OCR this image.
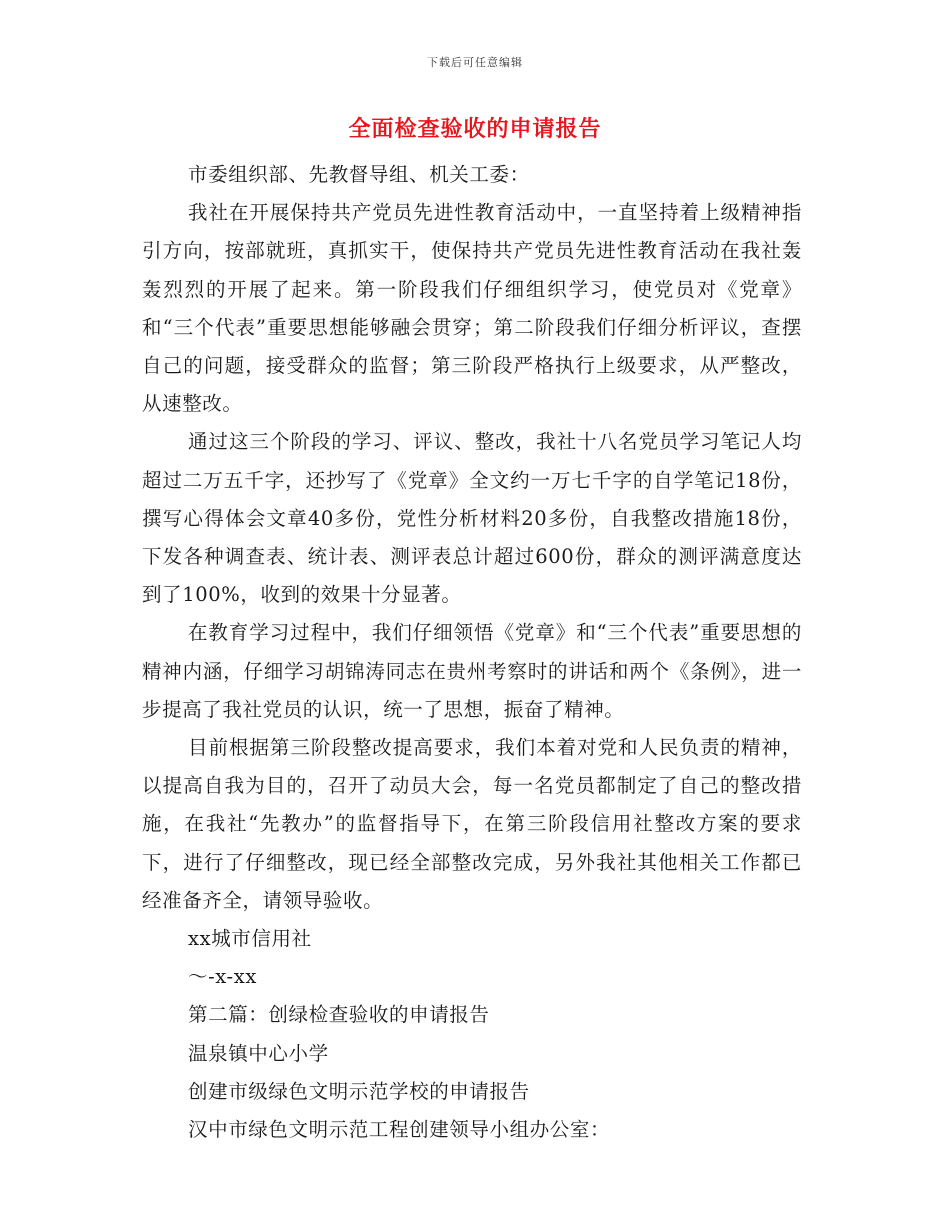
下载后可任意编辑
全面检查验收的申请报告

市委组织部、先教督导组、机关工委：

我社在开展保持共产党员先进性教育活动中，一直坚持着上级精神指引方向，按部就班，真抓实干，使保持共产党员先进性教育活动在我社轰轰烈烈的开展了起来。第一阶段我们仔细组织学习，使党员对《党章》和“三个代表”重要思想能够融会贯穿；第二阶段我们仔细分析评议，查摆自己的问题，接受群众的监督；第三阶段严格执行上级要求，从严整改，从速整改。

通过这三个阶段的学习、评议、整改，我社十八名党员学习笔记人均超过二万五千字，还抄写了《党章》全文约一万七千字的自学笔记18份，撰写心得体会文章40多份，党性分析材料20多份，自我整改措施18份，下发各种调查表、统计表、测评表总计超过600份，群众的测评满意度达到了100%，收到的效果十分显著。

在教育学习过程中，我们仔细领悟《党章》和“三个代表”重要思想的精神内涵，仔细学习胡锦涛同志在贵州考察时的讲话和两个《条例》，进一步提高了我社党员的认识，统一了思想，振奋了精神。

目前根据第三阶段整改提高要求，我们本着对党和人民负责的精神，以提高自我为目的，召开了动员大会，每一名党员都制定了自己的整改措施，在我社“先教办”的监督指导下，在第三阶段信用社整改方案的要求下，进行了仔细整改，现已经全部整改完成，另外我社其他相关工作都已经准备齐全，请领导验收。

xx城市信用社

～-x-xx

第二篇：创绿检查验收的申请报告

温泉镇中心小学

创建市级绿色文明示范学校的申请报告

汉中市绿色文明示范工程创建领导小组办公室：
